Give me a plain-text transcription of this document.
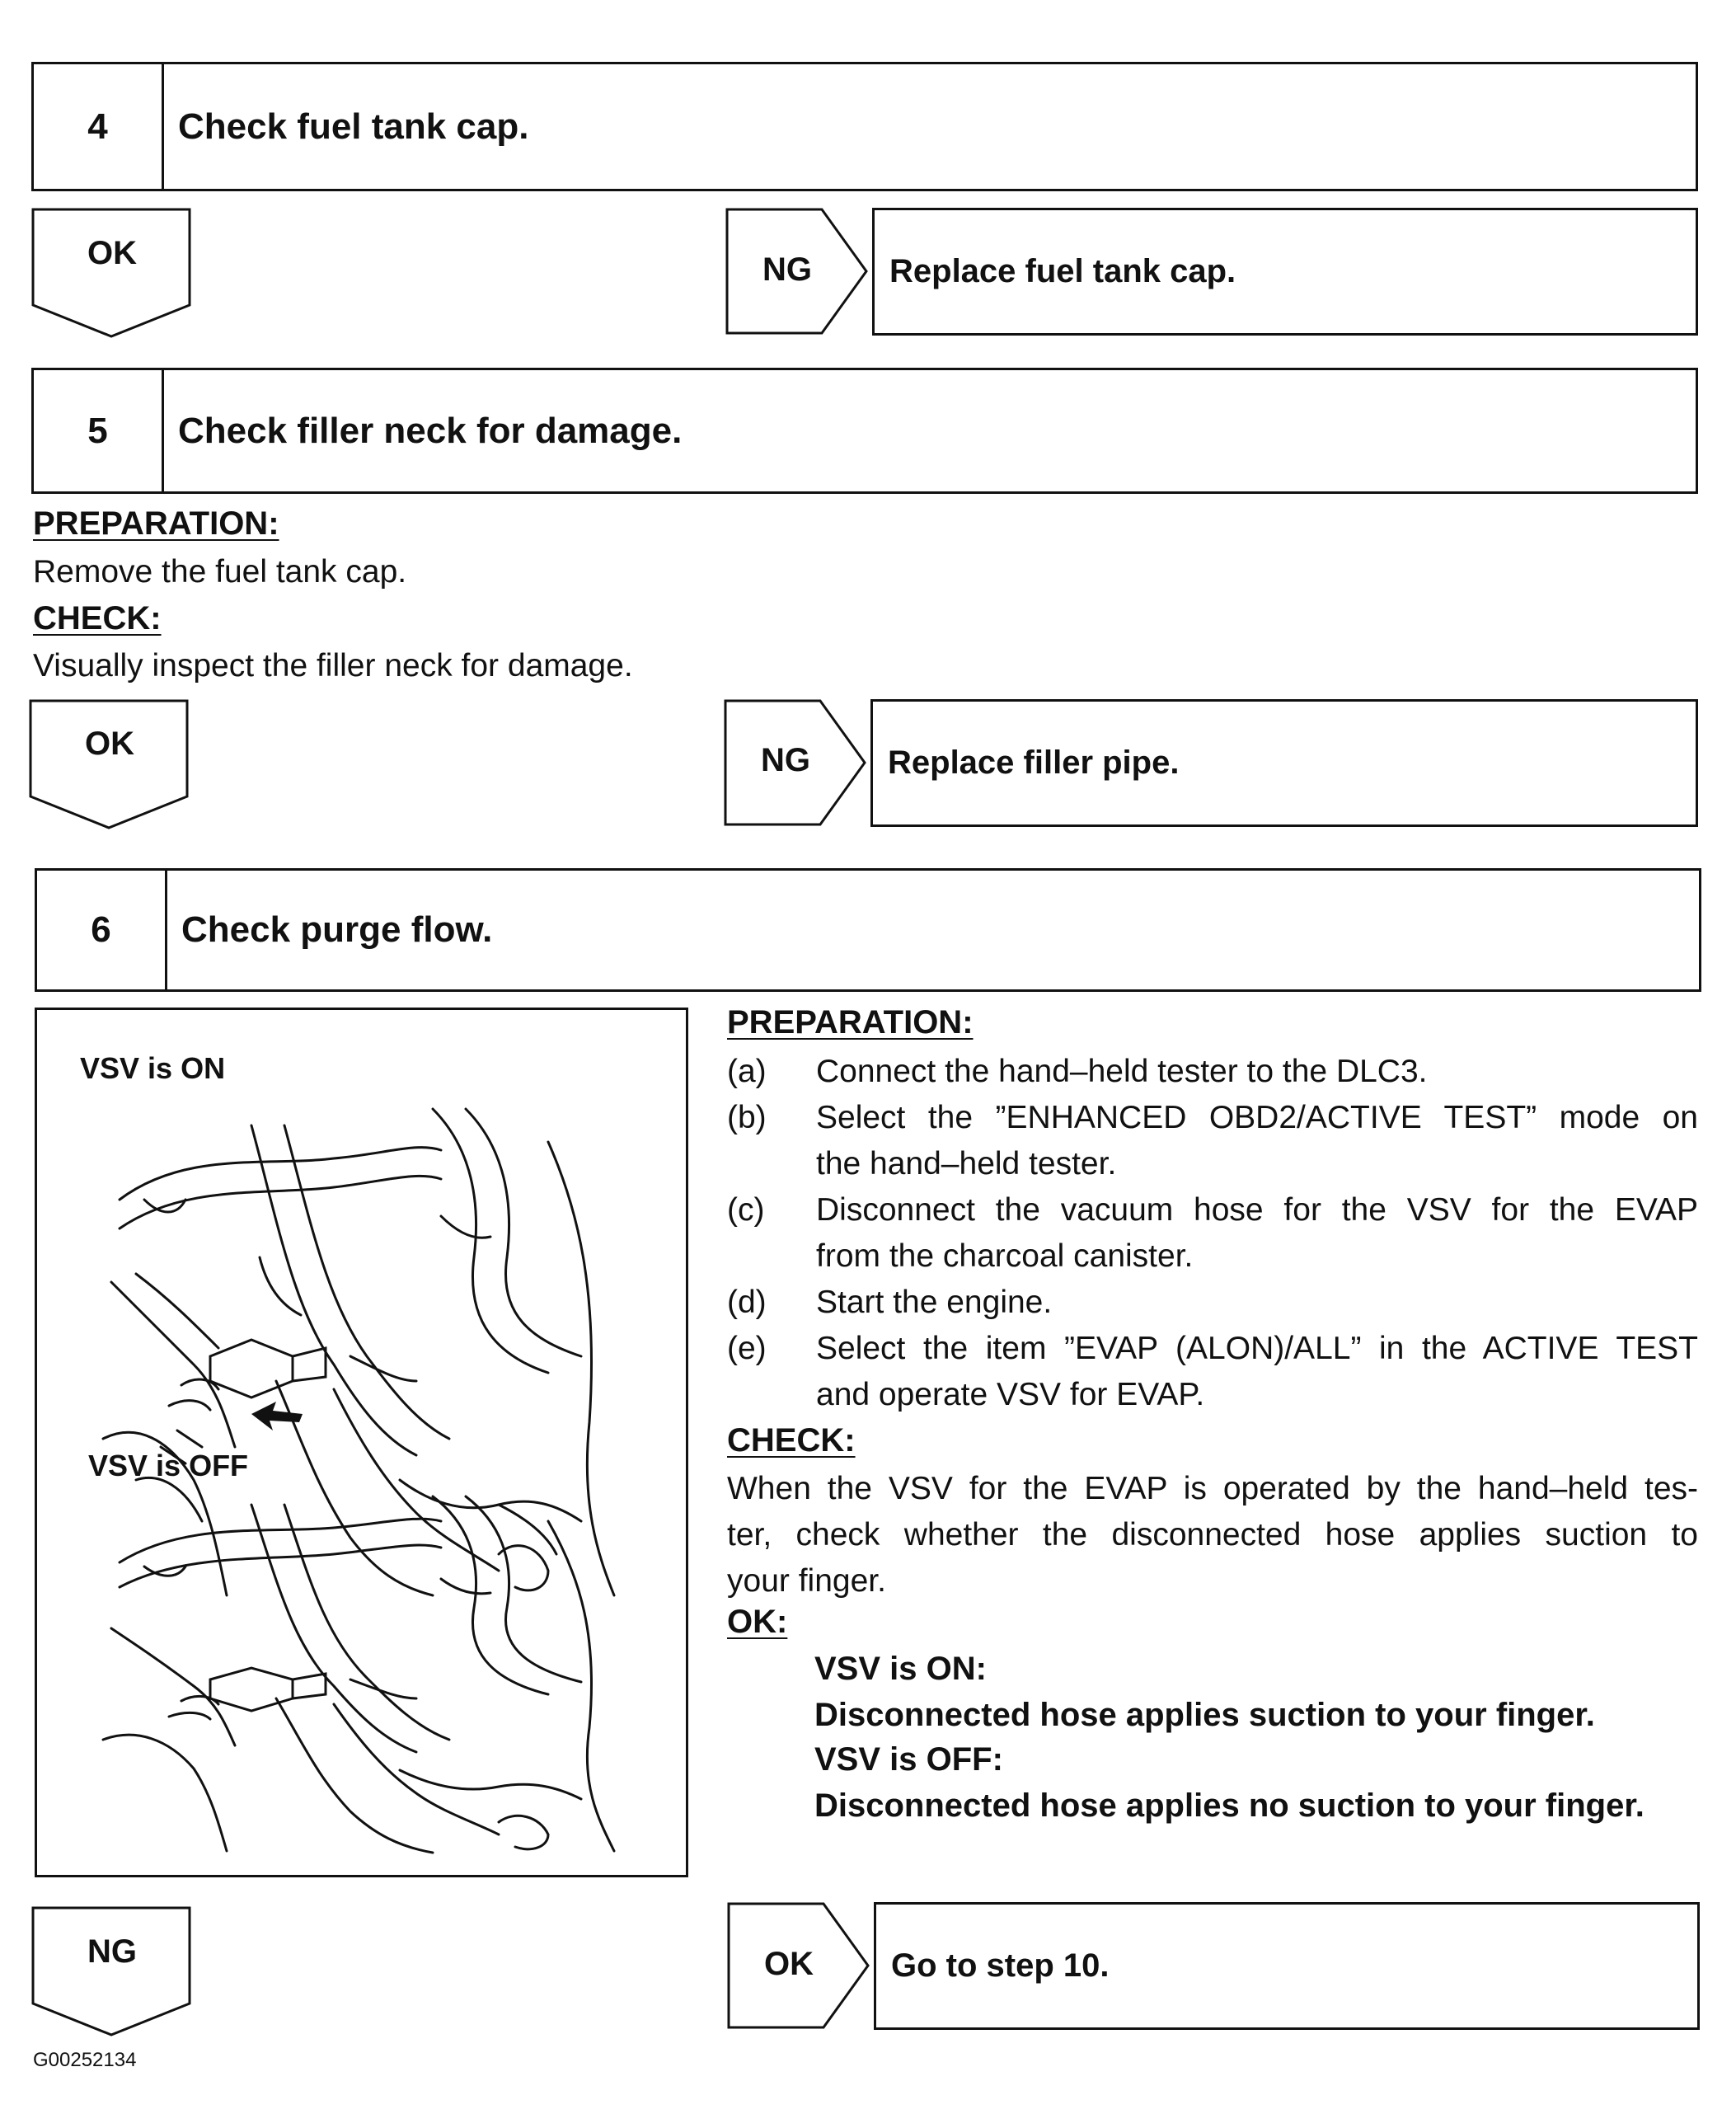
4	Check fuel tank cap.
OK	NG	Replace fuel tank cap.
5	Check filler neck for damage.
PREPARATION:
Remove the fuel tank cap.
CHECK:
Visually inspect the filler neck for damage.
OK	NG	Replace filler pipe.
6	Check purge flow.
VSV is ON
VSV is OFF
PREPARATION:
(a) Connect the hand–held tester to the DLC3.
(b) Select the ”ENHANCED OBD2/ACTIVE TEST” mode on
the hand–held tester.
(c) Disconnect the vacuum hose for the VSV for the EVAP
from the charcoal canister.
(d) Start the engine.
(e) Select the item ”EVAP (ALON)/ALL” in the ACTIVE TEST
and operate VSV for EVAP.
CHECK:
When the VSV for the EVAP is operated by the hand–held tes-
ter, check whether the disconnected hose applies suction to
your finger.
OK:
VSV is ON:
Disconnected hose applies suction to your finger.
VSV is OFF:
Disconnected hose applies no suction to your finger.
NG	OK	Go to step 10.
G00252134
